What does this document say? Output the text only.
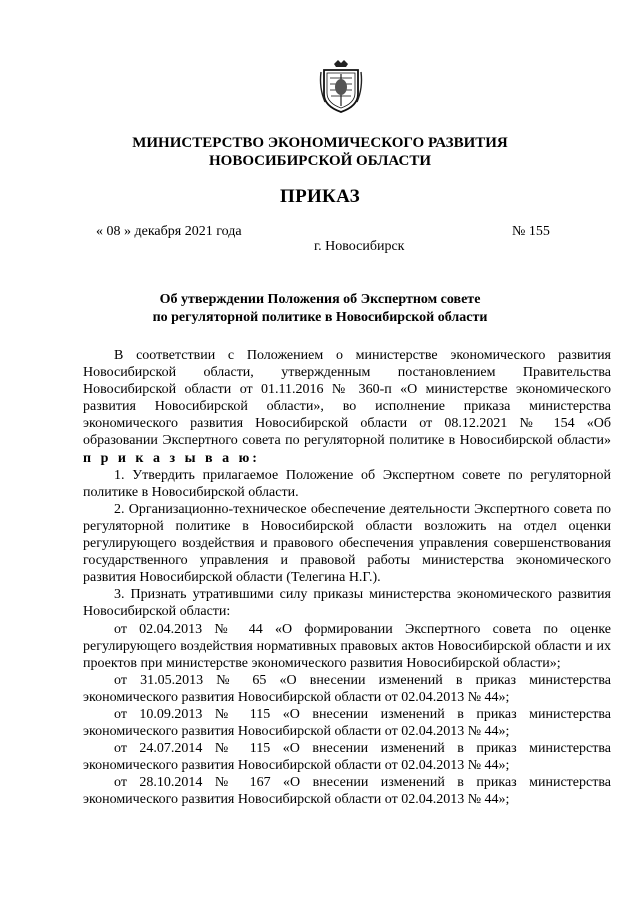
МИНИСТЕРСТВО ЭКОНОМИЧЕСКОГО РАЗВИТИЯ
НОВОСИБИРСКОЙ ОБЛАСТИ
ПРИКАЗ
« 08 » декабря 2021 года	№ 155
г. Новосибирск
Об утверждении Положения об Экспертном совете
по регуляторной политике в Новосибирской области

В соответствии с Положением о министерстве экономического развития Новосибирской области, утвержденным постановлением Правительства Новосибирской области от 01.11.2016 № 360-п «О министерстве экономического развития Новосибирской области», во исполнение приказа министерства экономического развития Новосибирской области от 08.12.2021 № 154 «Об образовании Экспертного совета по регуляторной политике в Новосибирской области» п р и к а з ы в а ю:

1. Утвердить прилагаемое Положение об Экспертном совете по регуляторной политике в Новосибирской области.

2. Организационно-техническое обеспечение деятельности Экспертного совета по регуляторной политике в Новосибирской области возложить на отдел оценки регулирующего воздействия и правового обеспечения управления совершенствования государственного управления и правовой работы министерства экономического развития Новосибирской области (Телегина Н.Г.).

3. Признать утратившими силу приказы министерства экономического развития Новосибирской области:

от 02.04.2013 № 44 «О формировании Экспертного совета по оценке регулирующего воздействия нормативных правовых актов Новосибирской области и их проектов при министерстве экономического развития Новосибирской области»;

от 31.05.2013 № 65 «О внесении изменений в приказ министерства экономического развития Новосибирской области от 02.04.2013 № 44»;

от 10.09.2013 № 115 «О внесении изменений в приказ министерства экономического развития Новосибирской области от 02.04.2013 № 44»;

от 24.07.2014 № 115 «О внесении изменений в приказ министерства экономического развития Новосибирской области от 02.04.2013 № 44»;

от 28.10.2014 № 167 «О внесении изменений в приказ министерства экономического развития Новосибирской области от 02.04.2013 № 44»;
